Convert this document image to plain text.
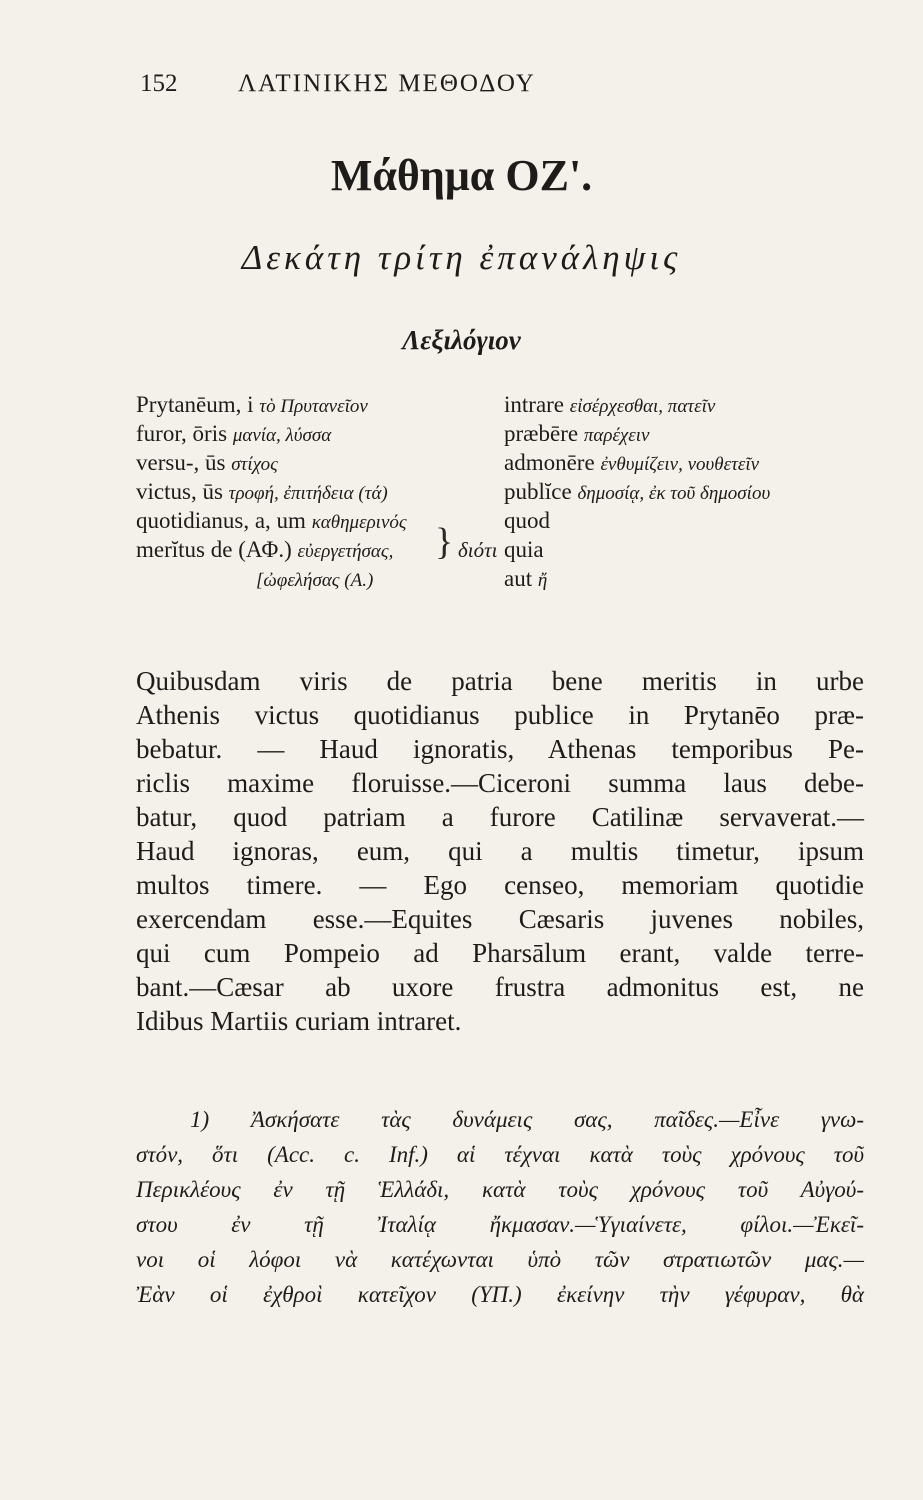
152 ΛΑΤΙΝΙΚΗΣ ΜΕΘΟΔΟΥ
Μάθημα ΟΖ'.
Δεκάτη τρίτη ἐπανάληψις
Λεξιλόγιον
Prytanēum, i τὸ Πρυτανεῖον	intrare εἰσέρχεσθαι, πατεῖν
furor, ōris μανία, λύσσα	præbēre παρέχειν
versu-, ūs στίχος	admonēre ἐνθυμίζειν, νουθετεῖν
victus, ūs τροφή, ἐπιτήδεια (τά)	publĭce δημοσίᾳ, ἐκ τοῦ δημοσίου
quotidianus, a, um καθημερινός	quod
merĭtus de (ΑΦ.) εὐεργετήσας,	quia
[ὠφελήσας (Α.)	aut ἤ
} διότι
Quibusdam viris de patria bene meritis in urbe
Athenis victus quotidianus publice in Prytanēo præ-
bebatur. — Haud ignoratis, Athenas temporibus Pe-
riclis maxime floruisse.—Ciceroni summa laus debe-
batur, quod patriam a furore Catilinæ servaverat.—
Haud ignoras, eum, qui a multis timetur, ipsum
multos timere. — Ego censeo, memoriam quotidie
exercendam esse.—Equites Cæsaris juvenes nobiles,
qui cum Pompeio ad Pharsālum erant, valde terre-
bant.—Cæsar ab uxore frustra admonitus est, ne
Idibus Martiis curiam intraret.
1) Ἀσκήσατε τὰς δυνάμεις σας, παῖδες.—Εἶνε γνω-
στόν, ὅτι (Acc. c. Inf.) αἱ τέχναι κατὰ τοὺς χρόνους τοῦ
Περικλέους ἐν τῇ Ἑλλάδι, κατὰ τοὺς χρόνους τοῦ Αὐγού-
στου ἐν τῇ Ἰταλίᾳ ἤκμασαν.—Ὑγιαίνετε, φίλοι.—Ἐκεῖ-
νοι οἱ λόφοι νὰ κατέχωνται ὑπὸ τῶν στρατιωτῶν μας.—
Ἐὰν οἱ ἐχθροὶ κατεῖχον (ΥΠ.) ἐκείνην τὴν γέφυραν, θὰ
